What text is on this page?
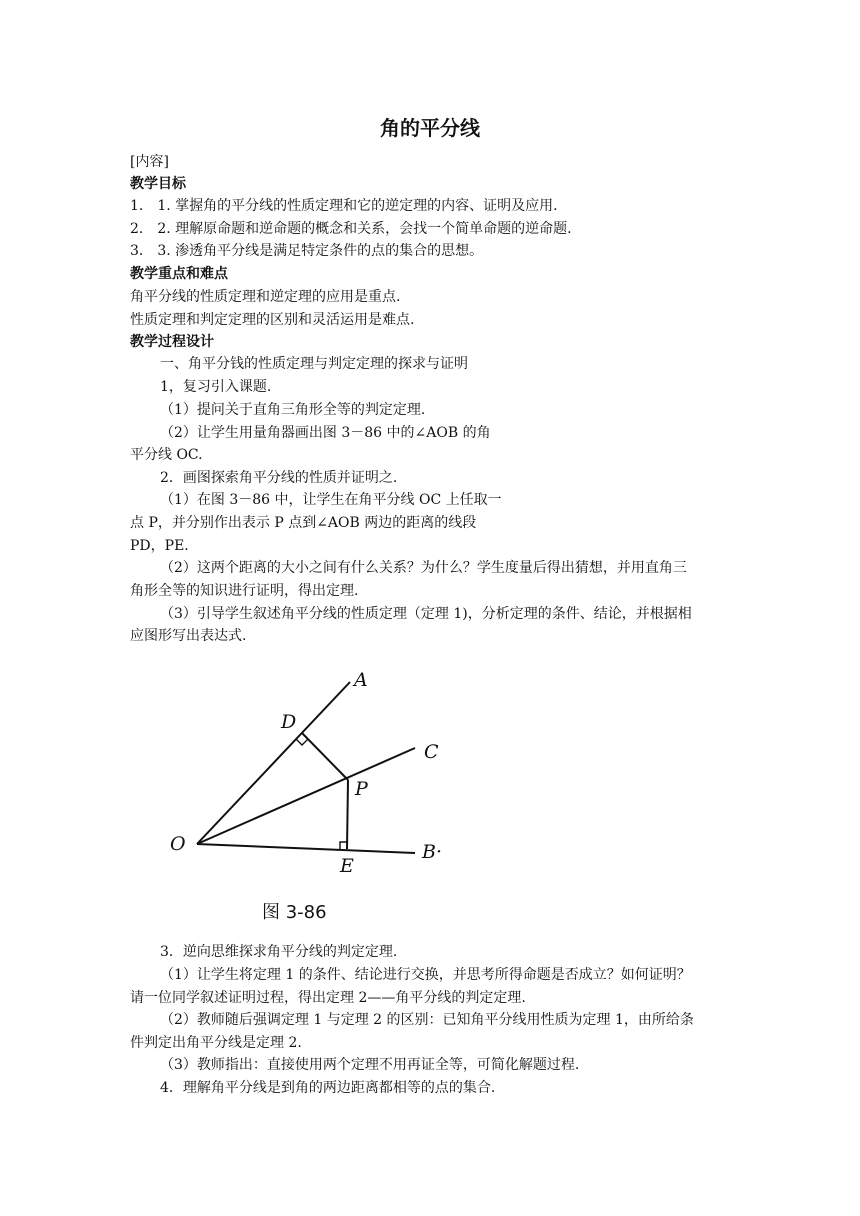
角的平分线
[内容]
教学目标
1． 1. 掌握角的平分线的性质定理和它的逆定理的内容、证明及应用.
2． 2. 理解原命题和逆命题的概念和关系，会找一个简单命题的逆命题.
3． 3. 渗透角平分线是满足特定条件的点的集合的思想。
教学重点和难点
角平分线的性质定理和逆定理的应用是重点.
性质定理和判定定理的区别和灵活运用是难点.
教学过程设计
一、角平分钱的性质定理与判定定理的探求与证明
1，复习引入课题.
（1）提问关于直角三角形全等的判定定理.
（2）让学生用量角器画出图 3－86 中的∠AOB 的角
平分线 OC.
2．画图探索角平分线的性质并证明之.
（1）在图 3－86 中，让学生在角平分线 OC 上任取一
点 P，并分别作出表示 P 点到∠AOB 两边的距离的线段
PD，PE.
（2）这两个距离的大小之间有什么关系？为什么？学生度量后得出猜想，并用直角三
角形全等的知识进行证明，得出定理.
（3）引导学生叙述角平分线的性质定理（定理 1)，分析定理的条件、结论，并根据相
应图形写出表达式.
A
B·
C
D
E
O
P
图 3-86
3．逆向思维探求角平分线的判定定理.
（1）让学生将定理 1 的条件、结论进行交换，并思考所得命题是否成立？如何证明？
请一位同学叙述证明过程，得出定理 2——角平分线的判定定理.
（2）教师随后强调定理 1 与定理 2 的区别：已知角平分线用性质为定理 1，由所给条
件判定出角平分线是定理 2.
（3）教师指出：直接使用两个定理不用再证全等，可简化解题过程.
4．理解角平分线是到角的两边距离都相等的点的集合.
